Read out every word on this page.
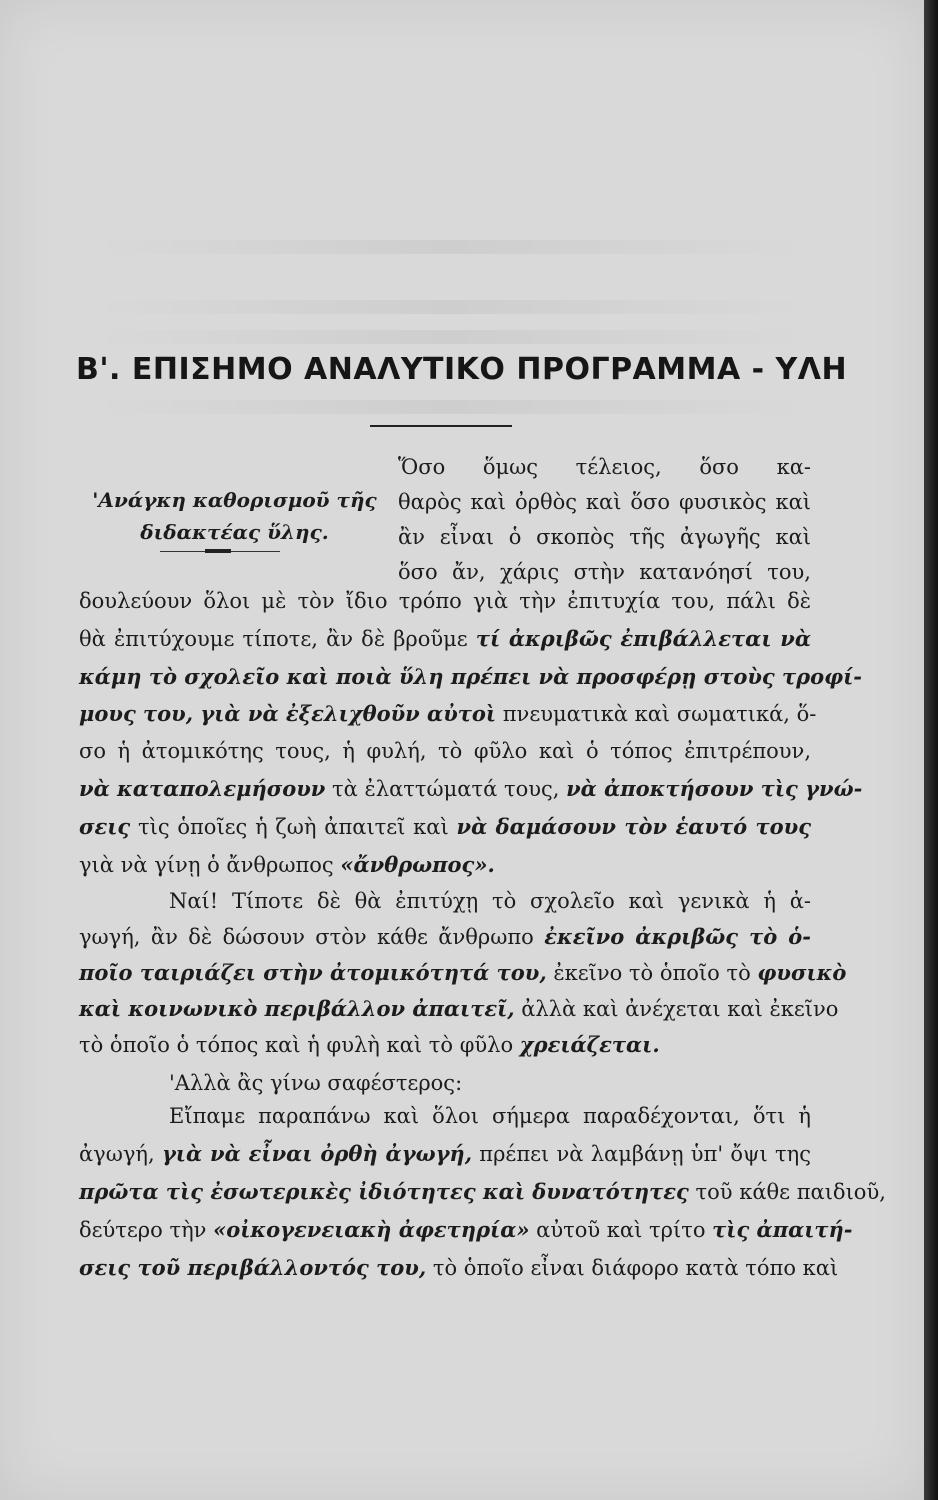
Β'. ΕΠΙΣΗΜΟ ΑΝΑΛΥΤΙΚΟ ΠΡΟΓΡΑΜΜΑ - ΥΛΗ
'Ανάγκη καθορισμοῦ τῆς
διδακτέας ὕλης.
Ὅσο ὅμως τέλειος, ὅσο κα-
θαρὸς καὶ ὀρθὸς καὶ ὅσο φυσικὸς καὶ
ἂν εἶναι ὁ σκοπὸς τῆς ἀγωγῆς καὶ
ὅσο ἄν, χάρις στὴν κατανόησί του,
δουλεύουν ὅλοι μὲ τὸν ἴδιο τρόπο γιὰ τὴν ἐπιτυχία του, πάλι δὲ
θὰ ἐπιτύχουμε τίποτε, ἂν δὲ βροῦμε τί ἀκριβῶς ἐπιβάλλεται νὰ
κάμη τὸ σχολεῖο καὶ ποιὰ ὕλη πρέπει νὰ προσφέρῃ στοὺς τροφί-
μους του, γιὰ νὰ ἐξελιχθοῦν αὐτοὶ πνευματικὰ καὶ σωματικά, ὅ-
σο ἡ ἀτομικότης τους, ἡ φυλή, τὸ φῦλο καὶ ὁ τόπος ἐπιτρέπουν,
νὰ καταπολεμήσουν τὰ ἐλαττώματά τους, νὰ ἀποκτήσουν τὶς γνώ-
σεις τὶς ὁποῖες ἡ ζωὴ ἀπαιτεῖ καὶ νὰ δαμάσουν τὸν ἑαυτό τους
γιὰ νὰ γίνῃ ὁ ἄνθρωπος «ἄνθρωπος».
Ναί! Τίποτε δὲ θὰ ἐπιτύχῃ τὸ σχολεῖο καὶ γενικὰ ἡ ἀ-
γωγή, ἂν δὲ δώσουν στὸν κάθε ἄνθρωπο ἐκεῖνο ἀκριβῶς τὸ ὁ-
ποῖο ταιριάζει στὴν ἀτομικότητά του, ἐκεῖνο τὸ ὁποῖο τὸ φυσικὸ
καὶ κοινωνικὸ περιβάλλον ἀπαιτεῖ, ἀλλὰ καὶ ἀνέχεται καὶ ἐκεῖνο
τὸ ὁποῖο ὁ τόπος καὶ ἡ φυλὴ καὶ τὸ φῦλο χρειάζεται.
'Αλλὰ ἂς γίνω σαφέστερος:
Εἴπαμε παραπάνω καὶ ὅλοι σήμερα παραδέχονται, ὅτι ἡ
ἀγωγή, γιὰ νὰ εἶναι ὀρθὴ ἀγωγή, πρέπει νὰ λαμβάνῃ ὑπ' ὄψι της
πρῶτα τὶς ἐσωτερικὲς ἰδιότητες καὶ δυνατότητες τοῦ κάθε παιδιοῦ,
δεύτερο τὴν «οἰκογενειακὴ ἀφετηρία» αὐτοῦ καὶ τρίτο τὶς ἀπαιτή-
σεις τοῦ περιβάλλοντός του, τὸ ὁποῖο εἶναι διάφορο κατὰ τόπο καὶ
